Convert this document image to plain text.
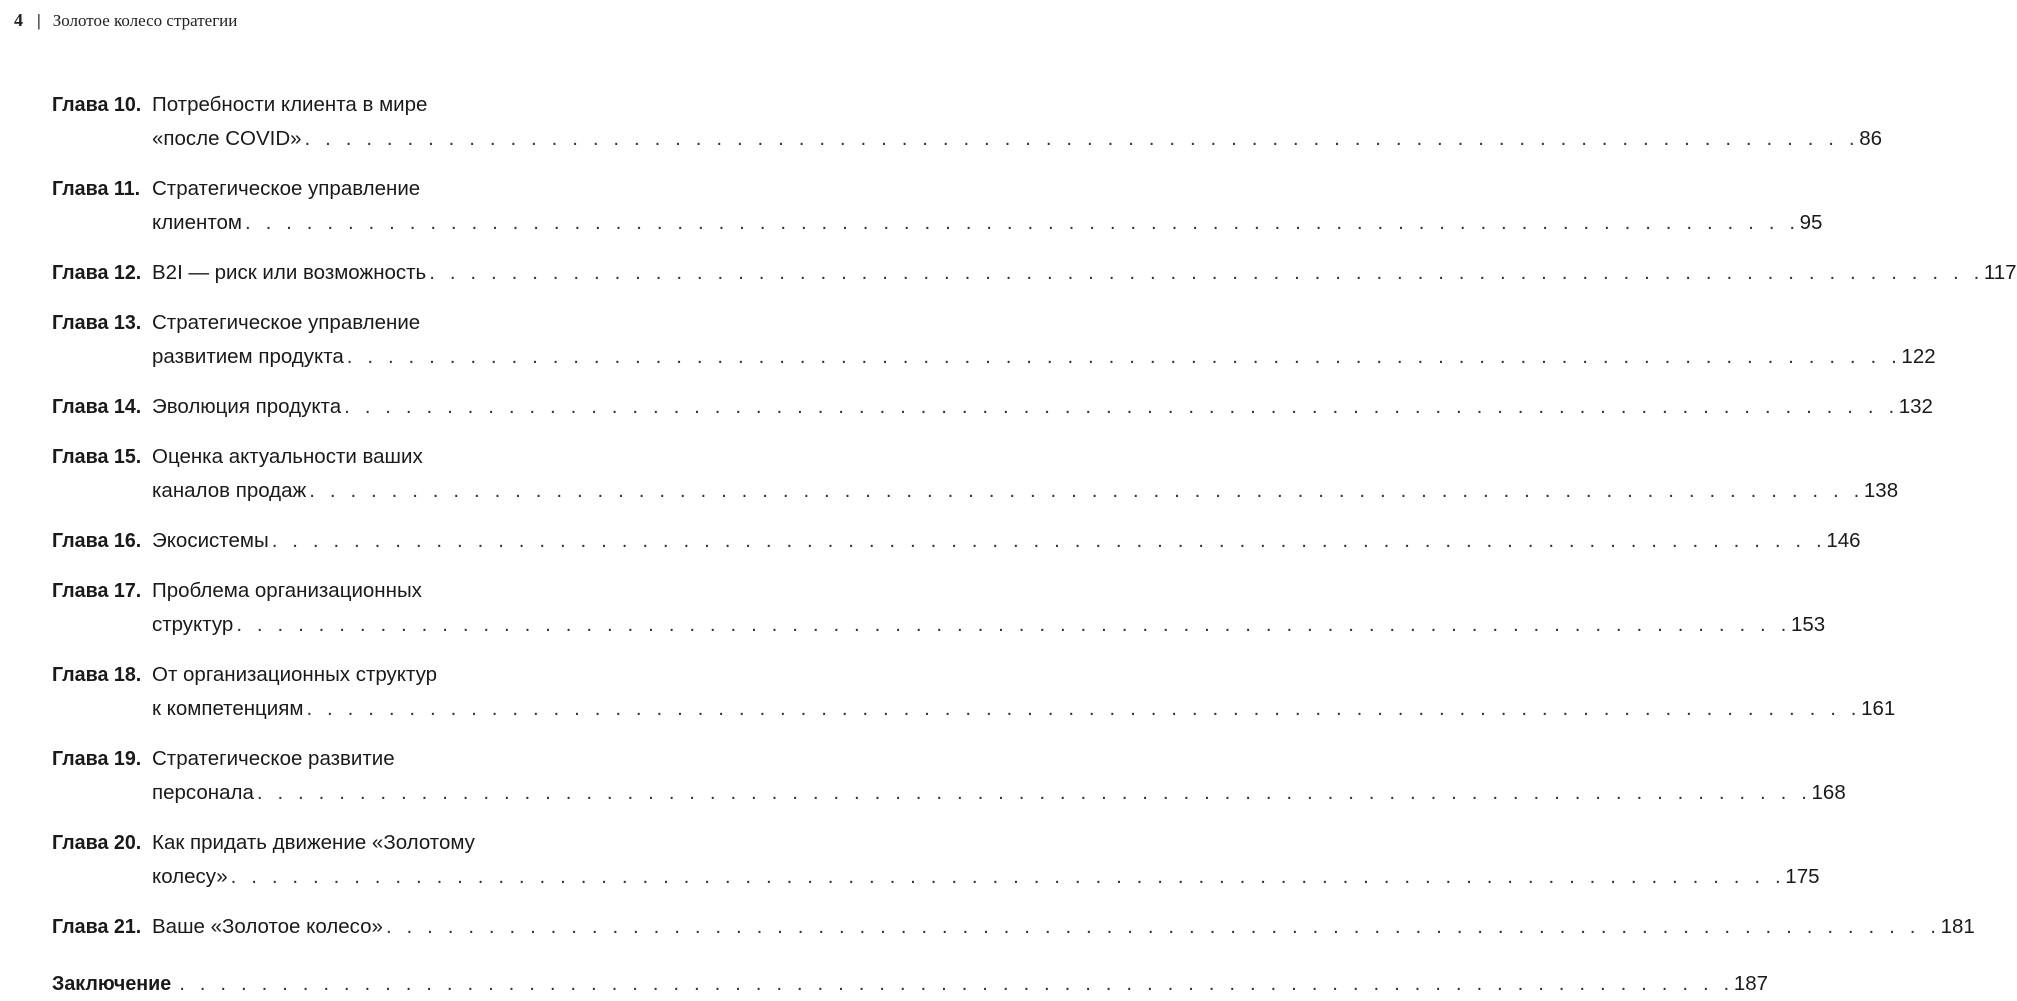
4 | Золотое колесо стратегии
Глава 10. Потребности клиента в мире
«после COVID» . . . . . . . . . . . . . . . . . . . . . . . . . . . . . . . . . . . . . . . . . . . . . . . . . . . . . . . . . . . . . . . . . . . . . . . . . . . . 86
Глава 11. Стратегическое управление
клиентом . . . . . . . . . . . . . . . . . . . . . . . . . . . . . . . . . . . . . . . . . . . . . . . . . . . . . . . . . . . . . . . . . . . . . . . . . . . . 95
Глава 12. B2I — риск или возможность . . . . . . . . . . . . . . . . . . . . . . . . . . . . . . . . . . . . . . . . . . . . . . . . . . . . . . . . . . . . . . . . . . . . . . . . . . . . 117
Глава 13. Стратегическое управление
развитием продукта . . . . . . . . . . . . . . . . . . . . . . . . . . . . . . . . . . . . . . . . . . . . . . . . . . . . . . . . . . . . . . . . . . . . . . . . . . . . 122
Глава 14. Эволюция продукта . . . . . . . . . . . . . . . . . . . . . . . . . . . . . . . . . . . . . . . . . . . . . . . . . . . . . . . . . . . . . . . . . . . . . . . . . . . . 132
Глава 15. Оценка актуальности ваших
каналов продаж . . . . . . . . . . . . . . . . . . . . . . . . . . . . . . . . . . . . . . . . . . . . . . . . . . . . . . . . . . . . . . . . . . . . . . . . . . . . 138
Глава 16. Экосистемы . . . . . . . . . . . . . . . . . . . . . . . . . . . . . . . . . . . . . . . . . . . . . . . . . . . . . . . . . . . . . . . . . . . . . . . . . . . . 146
Глава 17. Проблема организационных
структур . . . . . . . . . . . . . . . . . . . . . . . . . . . . . . . . . . . . . . . . . . . . . . . . . . . . . . . . . . . . . . . . . . . . . . . . . . . . 153
Глава 18. От организационных структур
к компетенциям . . . . . . . . . . . . . . . . . . . . . . . . . . . . . . . . . . . . . . . . . . . . . . . . . . . . . . . . . . . . . . . . . . . . . . . . . . . . 161
Глава 19. Стратегическое развитие
персонала . . . . . . . . . . . . . . . . . . . . . . . . . . . . . . . . . . . . . . . . . . . . . . . . . . . . . . . . . . . . . . . . . . . . . . . . . . . . 168
Глава 20. Как придать движение «Золотому
колесу» . . . . . . . . . . . . . . . . . . . . . . . . . . . . . . . . . . . . . . . . . . . . . . . . . . . . . . . . . . . . . . . . . . . . . . . . . . . . 175
Глава 21. Ваше «Золотое колесо» . . . . . . . . . . . . . . . . . . . . . . . . . . . . . . . . . . . . . . . . . . . . . . . . . . . . . . . . . . . . . . . . . . . . . . . . . . . . 181
Заключение . . . . . . . . . . . . . . . . . . . . . . . . . . . . . . . . . . . . . . . . . . . . . . . . . . . . . . . . . . . . . . . . . . . . . . . . . . . . 187
